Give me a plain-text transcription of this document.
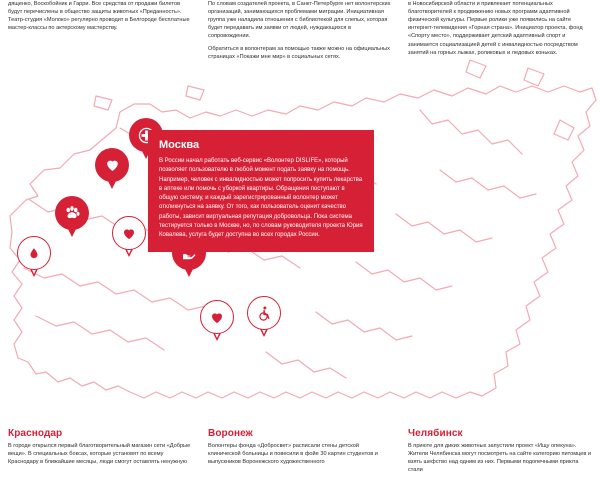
дященко, Воскобойник и Гарри. Все средства от продажи билетов будут перечислены в общество защиты животных «Преданность». Театр-студия «Молоко» регулярно проводит в Белгороде бесплатные мастер-классы по актерскому мастерству.

По словам создателей проекта, в Санкт-Петербурге нет волонтерских организаций, занимающихся проблемами миграции. Инициативная группа уже наладила отношения с библиотекой для слепых, которая будет передавать им заявки от людей, нуждающихся в сопровождении.

Обратиться в волонтерам за помощью также можно на официальных страницах «Покажи мне мир» в социальных сетях.

в Новосибирской области и привлекает потенциальных благотворителей к продвижению новых программ адаптивной физической культуры. Первые ролики уже появились на сайте интернет-телевидения «Горная страна». Инициатор проекта, фонд «Спорту место», поддерживает детский адаптивный спорт и занимается социализацией детей с инвалидностью посредством занятий на горных лыжах, роликовых и ледовых коньках.

Москва
В России начал работать веб-сервис «Волонтер DISLIFE», который позволяет пользователю в любой момент подать заявку на помощь. Например, человек с инвалидностью может попросить купить лекарства в аптеке или помочь с уборкой квартиры. Обращения поступают в общую систему, и каждый зарегистрированный волонтер может откликнуться на заявку. От того, как пользователь оценит качество работы, зависит виртуальная репутация добровольца. Пока система тестируется только в Москве, но, по словам руководителя проекта Юрия Ковалева, услуга будет доступна во всех городах России.
Краснодар

В городе открылся первый благотворительный магазин сети «Добрые вещи». В специальных боксах, которые установят по всему Краснодару в ближайшие месяцы, люди смогут оставлять ненужную

Воронеж

Волонтеры фонда «Добросвет» расписали стены детской клинической больницы и повесили в фойе 30 картин студентов и выпускников Воронежского художественного

Челябинск

В приюте для диких животных запустили проект «Ищу опекуна». Жители Челябинска могут посмотреть на сайте категорию питомцев и взять шефство над одним из них. Первыми подопечными приюта стали
